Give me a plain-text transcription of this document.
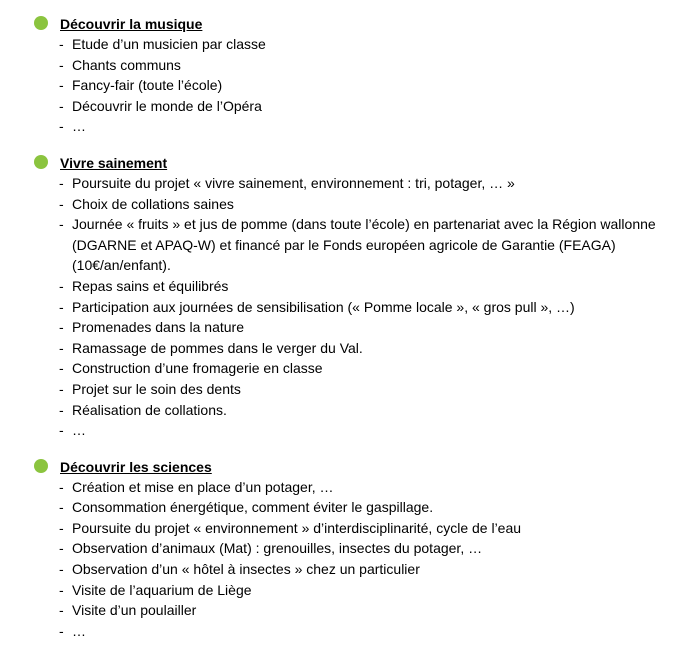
Découvrir la musique
- Etude d’un musicien par classe
- Chants communs
- Fancy-fair (toute l’école)
- Découvrir le monde de l’Opéra
- …
Vivre sainement
- Poursuite du projet « vivre sainement, environnement : tri, potager, … »
- Choix de collations saines
- Journée « fruits » et jus de pomme (dans toute l’école) en partenariat avec la Région wallonne (DGARNE et APAQ-W) et financé par le Fonds européen agricole de Garantie (FEAGA) (10€/an/enfant).
- Repas sains et équilibrés
- Participation aux journées de sensibilisation (« Pomme locale », « gros pull », …)
- Promenades dans la nature
- Ramassage de pommes dans le verger du Val.
- Construction d’une fromagerie en classe
- Projet sur le soin des dents
- Réalisation de collations.
- …
Découvrir les sciences
- Création et mise en place d’un potager, …
- Consommation énergétique, comment éviter le gaspillage.
- Poursuite du projet « environnement » d’interdisciplinarité, cycle de l’eau
- Observation d’animaux (Mat) : grenouilles, insectes du potager, …
- Observation d’un « hôtel à insectes » chez un particulier
- Visite de l’aquarium de Liège
- Visite d’un poulailler
- …
